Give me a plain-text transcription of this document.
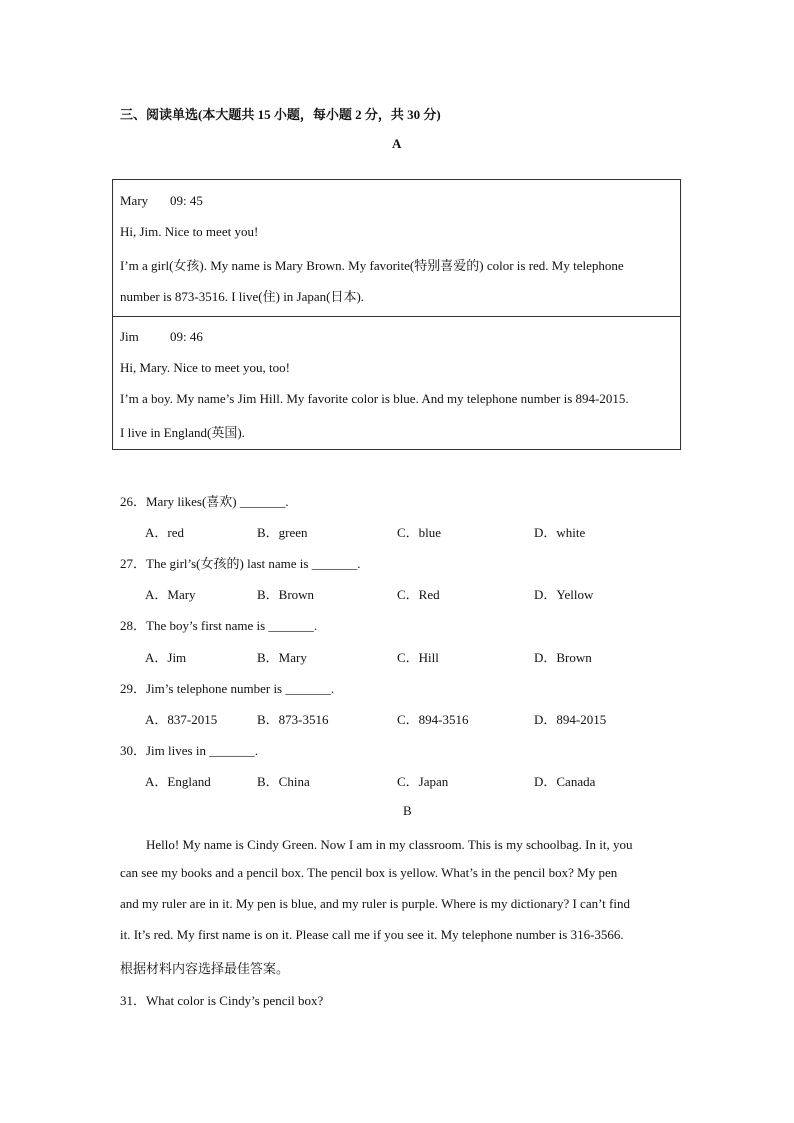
三、阅读单选(本大题共 15 小题，每小题 2 分，共 30 分)
A
Mary 09: 45
Hi, Jim. Nice to meet you!
I’m a girl(女孩). My name is Mary Brown. My favorite(特别喜爱的) color is red. My telephone
number is 873-3516. I live(住) in Japan(日本).
Jim 09: 46
Hi, Mary. Nice to meet you, too!
I’m a boy. My name’s Jim Hill. My favorite color is blue. And my telephone number is 894-2015.
I live in England(英国).
26．Mary likes(喜欢) _______.
A．red	B．green	C．blue	D．white
27．The girl’s(女孩的) last name is _______.
A．Mary	B．Brown	C．Red	D．Yellow
28．The boy’s first name is _______.
A．Jim	B．Mary	C．Hill	D．Brown
29．Jim’s telephone number is _______.
A．837-2015	B．873-3516	C．894-3516	D．894-2015
30．Jim lives in _______.
A．England	B．China	C．Japan	D．Canada
B
　　Hello! My name is Cindy Green. Now I am in my classroom. This is my schoolbag. In it, you
can see my books and a pencil box. The pencil box is yellow. What’s in the pencil box? My pen
and my ruler are in it. My pen is blue, and my ruler is purple. Where is my dictionary? I can’t find
it. It’s red. My first name is on it. Please call me if you see it. My telephone number is 316-3566.
根据材料内容选择最佳答案。
31．What color is Cindy’s pencil box?
